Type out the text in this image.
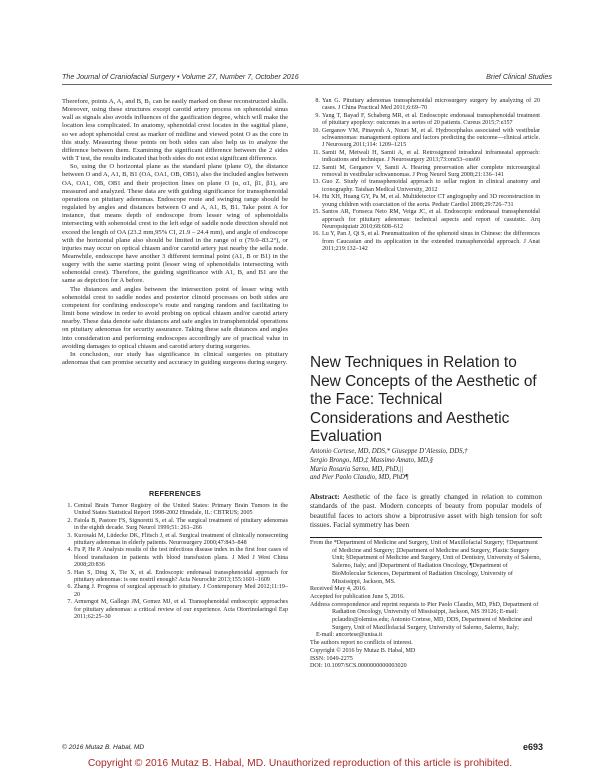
The Journal of Craniofacial Surgery • Volume 27, Number 7, October 2016	Brief Clinical Studies

Therefore, points A, A₁ and B, B₁ can be easily marked on these reconstructed skulls. Moreover, using these structures except carotid artery process on sphenoidal sinus wall as signals also avoids influences of the gasification degree, which will make the location less complicated. In anatomy, sphenoidal crest locates in the sagittal plane, so we adopt sphenoidal crest as marker of midline and viewed point O as the core in this study. Measuring these points on both sides can also help us to analyze the difference between them. Examining the significant difference between the 2 sides with T test, the results indicated that both sides do not exist significant difference.

So, using the O horizontal plane as the standard plane (plane O), the distance between O and A, A1, B, B1 (OA, OA1, OB, OB1), also the included angles between OA, OA1, OB, OB1 and their projection lines on plane O (α, α1, β1, β1), are measured and analyzed. These data are with guiding significance for transsphenoidal operations on pituitary adenomas. Endoscope route and swinging range should be regulated by angles and distances between O and A, A1, B, B1. Take point A for instance, that means depth of endoscope from lesser wing of sphenoidalis intersecting with sohenoidal crest to the left edge of saddle node direction should not exceed the length of OA (23.2 mm,95% CI, 21.9 – 24.4 mm), and angle of endoscope with the horizontal plane also should be limited in the range of α (79.0–83.2°), or injuries may occur on optical chiasm and/or carotid artery just nearby the sella node. Meanwhile, endoscope have another 3 different terminal point (A1, B or B1) in the sugery with the same starting point (lesser wing of sphenoidalis intersecting with sohenoidal crest). Therefore, the guiding significance with A1, B, and B1 are the same as depiction for A before.

The distances and angles between the intersection point of lesser wing with sohenoidal crest to saddle nodes and posterior clinoid processes on both sides are competent for confining endoscope’s route and ranging random and facilitating to limit bone window in order to avoid probing on optical chiasm and/or carotid artery nearby. These data denote safe distances and safe angles in transphenoidal operations on pituitary adenomas for security assurance. Taking these safe distances and angles into consideration and performing endoscopes accordingly are of practical value in avoiding damages to optical chiasm and carotid artery during surgeries.

In conclusion, our study has significance in clinical surgeries on pituitary adenomas that can promise security and accuracy in guiding surgeons during surgery.

REFERENCES
1. Central Brain Tumor Registry of the United States: Primary Brain Tumors in the United States Statistical Report 1998-2002 Hinsdale, IL: CBTRUS; 2005
2. Faiola B, Pastore FS, Signoretti S, et al. The surgical treatment of pituitary adenomas in the eighth decade. Surg Neurol 1999;51: 261–266
3. Kurosaki M, Lüdecke DK, Flitsch J, et al. Surgical treatment of clinically nonsecreting pituitary adenomas in elderly patients. Neurosurgery 2000;47:843–848
4. Fu P, He P. Analysis results of the test infectious disease index in the first four cases of blood transfusion in patients with blood transfusion plans. J Med J West China 2008;20:836
5. Han S, Ding X, Tie X, et al. Endoscopic endonasal transsphenoidal approach for pituitary adenomas: is one nostril enough? Acta Neurochir 2013;155:1601–1609
6. Zhang J. Progress of surgical approach to pituitary. J Contemporary Med 2012;11:19–20
7. Armengot M, Gallego JM, Gomez MJ, et al. Transsphenoidal endoscopic approaches for pituitary adenomas: a critical review of our experience. Acta Otorrinolaringol Esp 2011;62:25–30
8. Yan G. Pituitary adenomas transsphenoidal microsurgery surgery by analyzing of 20 cases. J China Practical Med 2011;6:69–70
9. Yang T, Bayad F, Schaberg MR, et al. Endoscopic endonasal transsphenoidal treatment of pituitary apoplexy: outcomes in a series of 20 patients. Cureus 2015;7:e357
10. Gerganov VM, Pinayesh A, Nouri M, et al. Hydrocephalus associated with vestibular schwannomas: management options and factors predicting the outcome—clinical article. J Neurosurg 2011;114: 1209–1215
11. Samii M, Metwali H, Samii A, et al. Retrosigmoid intradural inframeatal approach: indications and technique. J Neurosurgery 2013;73:ons53–ons60
12. Samii M, Gerganov V, Samii A. Hearing preservation after complete microsurgical removal in vestibular schwannomas. J Prog Neurol Surg 2008;21:136–141
13. Guo Z. Study of transsphenoidal approach to sellar region in clinical anatomy and iconography. Taishan Medical University, 2012
14. Hu XH, Huang GY, Pa M, et al. Multidetector CT angiography and 3D reconstruction in young children with coarctation of the aorta. Pediatr Cardiol 2008;29:726–731
15. Santos AR, Fonseca Neto RM, Veiga JC, et al. Endoscopic endonasal transsphenoidal approach for pituitary adenomas: technical aspects and report of casuistic. Arq Neuropsiquiatr 2010;68:608–612
16. Lu Y, Pan J, Qi S, et al. Pneumatization of the sphenoid sinus in Chinese: the differences from Caucasian and its application in the extended transsphenoidal approach. J Anat 2011;219:132–142
New Techniques in Relation to New Concepts of the Aesthetic of the Face: Technical Considerations and Aesthetic Evaluation
Antonio Cortese, MD, DDS,* Giuseppe D’Alessio, DDS,†
Sergio Brongo, MD,‡ Massimo Amato, MD,§
Maria Rosaria Sarno, MD, PhD,||
and Pier Paolo Claudio, MD, PhD¶
Abstract: Aesthetic of the face is greatly changed in relation to common standards of the past. Modern concepts of beauty from popular models of beautiful faces to actors show a biprotrusive asset with high tension for soft tissues. Facial symmetry has been
From the *Department of Medicine and Surgery, Unit of Maxillofacial Surgery; †Department of Medicine and Surgery; ‡Department of Medicine and Surgery, Plastic Surgery Unit; §Department of Medicine and Surgery, Unit of Dentistry, University of Salerno, Salerno, Italy; and ||Department of Radiation Oncology, ¶Department of BioMolecular Sciences, Department of Radiation Oncology, University of Mississippi, Jackson, MS.
Received May 4, 2016.
Accepted for publication June 5, 2016.
Address correspondence and reprint requests to Pier Paolo Claudio, MD, PhD, Department of Radiation Oncology, University of Mississippi, Jackson, MS 39126; E-mail: pclaudio@olemiss.edu; Antonio Cortese, MD, DDS, Department of Medicine and Surgery, Unit of Maxillofacial Surgery, University of Salerno, Salerno, Italy;
E-mail: ancortese@unisa.it
The authors report no conflicts of interest.
Copyright © 2016 by Mutaz B. Habal, MD
ISSN: 1049-2275
DOI: 10.1097/SCS.0000000000003020
© 2016 Mutaz B. Habal, MD	e693
Copyright © 2016 Mutaz B. Habal, MD. Unauthorized reproduction of this article is prohibited.
